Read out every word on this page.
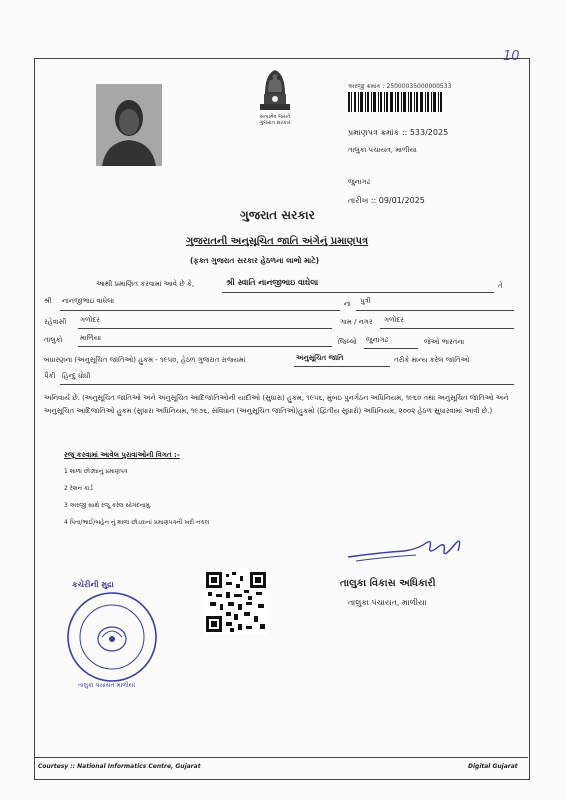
10
સત્યમેવ જયતે
ગુજરાત સરકાર
અરજી ક્રમાંક : 25000035000000533
પ્રમાણપત્ર ક્રમાંક :: 533/2025
તાલુકા પંચાયત, માળીયા
જુનાગઢ
તારીખ :: 09/01/2025
ગુજરાત સરકાર
ગુજરાતની અનુસૂચિત જાતિ અંગેનું પ્રમાણપત્ર
(ફક્ત ગુજરાત સરકાર હેઠળના લાભો માટે)
આથી પ્રમાણિત કરવામાં આવે છે કે,	શ્રી સ્વાતિ નાનજીભાઇ વાઘેલા	તે
શ્રી નાનજીભાઇ વાઘેલા	ના પુત્રી
રહેવાસી ગળોદર	ગામ / નગર ગળોદર
તાલુકો	માળિયા	જિલ્લો જુનાગઢ	જેઓ ભારતના
બંધારણના (અનુસૂચિત જાતિઓ) હુકમ - ૧૯૫૦, હેઠળ ગુજરાત રાજ્યમાં	અનુસૂચિત જાતિ	તરીકે માન્ય કરેલ જાતિઓ
પૈકી હિન્દુ ધોધી
અનિવાર્ય છે. (અનુસૂચિત જાતિઓ અને અનુસૂચિત આદિજાતિઓની યાદીઓ (સુધારા) હુકમ, ૧૯૫૬, મુંબઇ પુનર્ગઠન અધિનિયમ, ૧૯૬૦ તથા અનુસૂચિત જાતિઓ અને અનુસૂચિત આદિજાતિઓ હુકમ (સુધારા અધિનિયમ, ૧૯૭૬, સંવિધાન (અનુસૂચિત જાતિઓ)હુકમો (દ્વિતીય સુધારો) અધિનિયમ, ૨૦૦૨ હેઠળ સુધારવામાં આવી છે.)
રજૂ કરવામાં આવેલ પુરાવાઓની વિગત :-
1 શાળા છોડ્યાનું પ્રમાણપત્ર
2 રેશન કાર્ડ
3 અરજી સાથે રજૂ કરેલ સોગંદનામુ.
4 પિતા/ભાઈ/બહેન નું શાળા છોડવાનાં પ્રમાણપત્રની ખરી નકલ
તાલુકા વિકાસ અધિકારી
તાલુકા પંચાયત, માળીયા
કચેરીની મુદ્રા
તાલુકા પંચાયત માળીયા
Courtesy :: National Informatics Centre, Gujarat	Digital Gujarat
